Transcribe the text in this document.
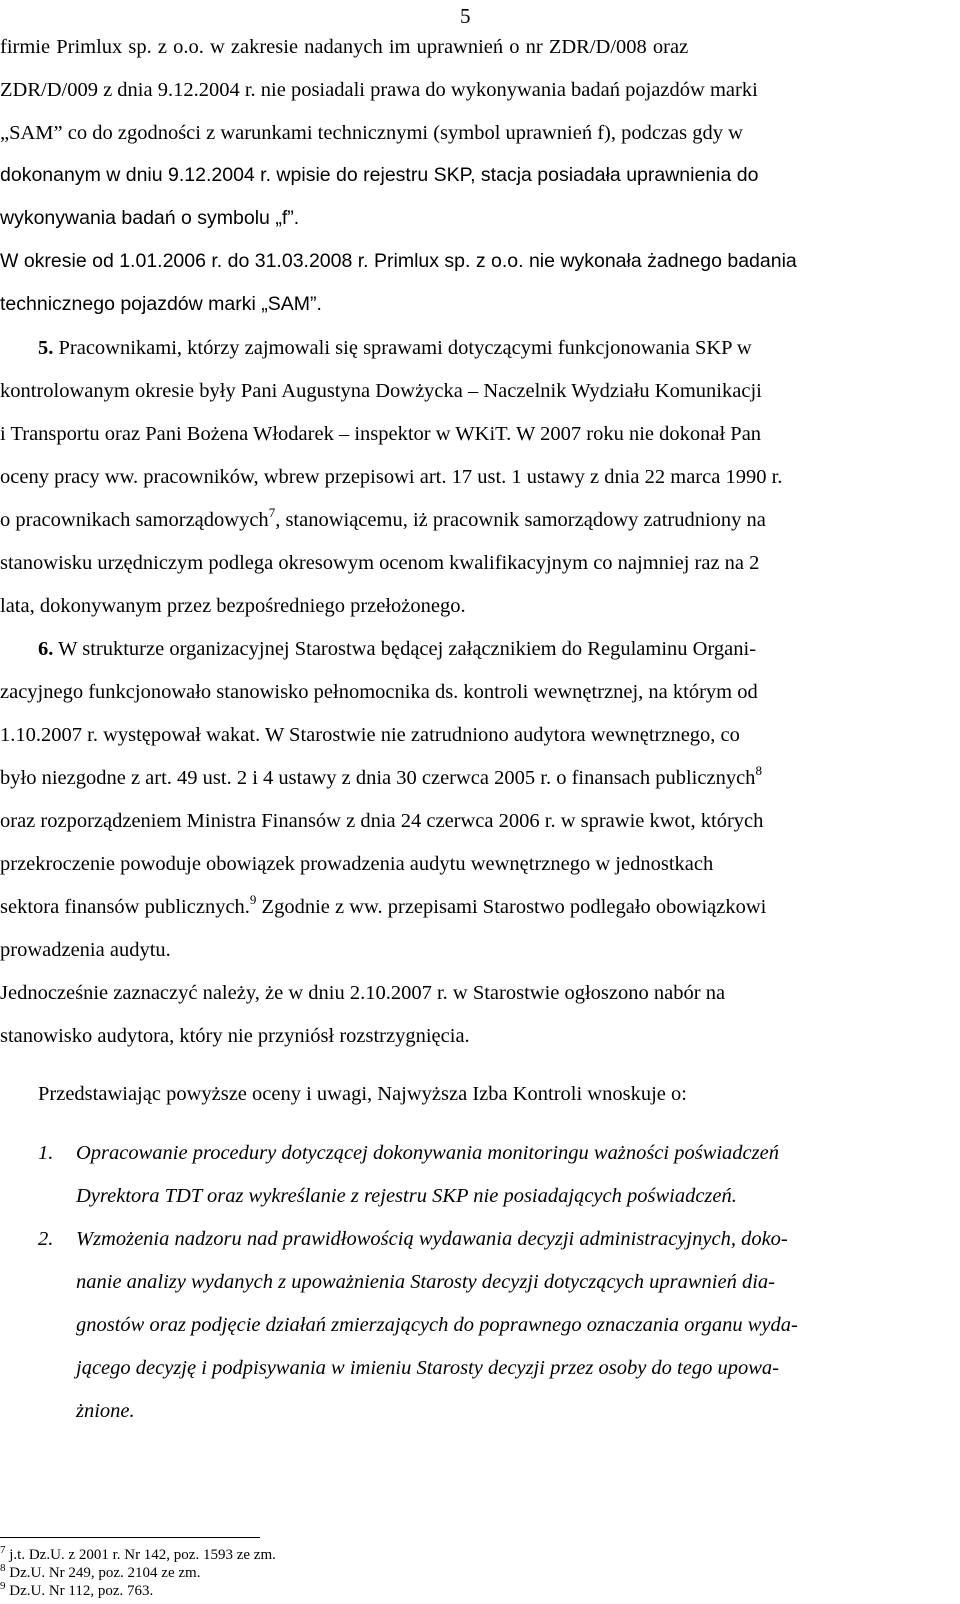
5
firmie Primlux sp. z o.o. w zakresie nadanych im uprawnień o nr ZDR/D/008 oraz
ZDR/D/009 z dnia 9.12.2004 r. nie posiadali prawa do wykonywania badań pojazdów marki
„SAM” co do zgodności z warunkami technicznymi (symbol uprawnień f), podczas gdy w
dokonanym w dniu 9.12.2004 r. wpisie do rejestru SKP, stacja posiadała uprawnienia do
wykonywania badań o symbolu „f”.
W okresie od 1.01.2006 r. do 31.03.2008 r. Primlux sp. z o.o. nie wykonała żadnego badania
technicznego pojazdów marki „SAM”.
5. Pracownikami, którzy zajmowali się sprawami dotyczącymi funkcjonowania SKP w
kontrolowanym okresie były Pani Augustyna Dowżycka – Naczelnik Wydziału Komunikacji
i Transportu oraz Pani Bożena Włodarek – inspektor w WKiT. W 2007 roku nie dokonał Pan
oceny pracy ww. pracowników, wbrew przepisowi art. 17 ust. 1 ustawy z dnia 22 marca 1990 r.
o pracownikach samorządowych$^7$, stanowiącemu, iż pracownik samorządowy zatrudniony na
stanowisku urzędniczym podlega okresowym ocenom kwalifikacyjnym co najmniej raz na 2
lata, dokonywanym przez bezpośredniego przełożonego.
6. W strukturze organizacyjnej Starostwa będącej załącznikiem do Regulaminu Organi-
zacyjnego funkcjonowało stanowisko pełnomocnika ds. kontroli wewnętrznej, na którym od
1.10.2007 r. występował wakat. W Starostwie nie zatrudniono audytora wewnętrznego, co
było niezgodne z art. 49 ust. 2 i 4 ustawy z dnia 30 czerwca 2005 r. o finansach publicznych$^8$
oraz rozporządzeniem Ministra Finansów z dnia 24 czerwca 2006 r. w sprawie kwot, których
przekroczenie powoduje obowiązek prowadzenia audytu wewnętrznego w jednostkach
sektora finansów publicznych.$^9$ Zgodnie z ww. przepisami Starostwo podlegało obowiązkowi
prowadzenia audytu.
Jednocześnie zaznaczyć należy, że w dniu 2.10.2007 r. w Starostwie ogłoszono nabór na
stanowisko audytora, który nie przyniósł rozstrzygnięcia.
Przedstawiając powyższe oceny i uwagi, Najwyższa Izba Kontroli wnoskuje o:
1. Opracowanie procedury dotyczącej dokonywania monitoringu ważności poświadczeń
Dyrektora TDT oraz wykreślanie z rejestru SKP nie posiadających poświadczeń.
2. Wzmożenia nadzoru nad prawidłowością wydawania decyzji administracyjnych, doko-
nanie analizy wydanych z upoważnienia Starosty decyzji dotyczących uprawnień dia-
gnostów oraz podjęcie działań zmierzających do poprawnego oznaczania organu wyda-
jącego decyzję i podpisywania w imieniu Starosty decyzji przez osoby do tego upowa-
żnione.
$^7$ j.t. Dz.U. z 2001 r. Nr 142, poz. 1593 ze zm.
$^8$ Dz.U. Nr 249, poz. 2104 ze zm.
$^9$ Dz.U. Nr 112, poz. 763.
